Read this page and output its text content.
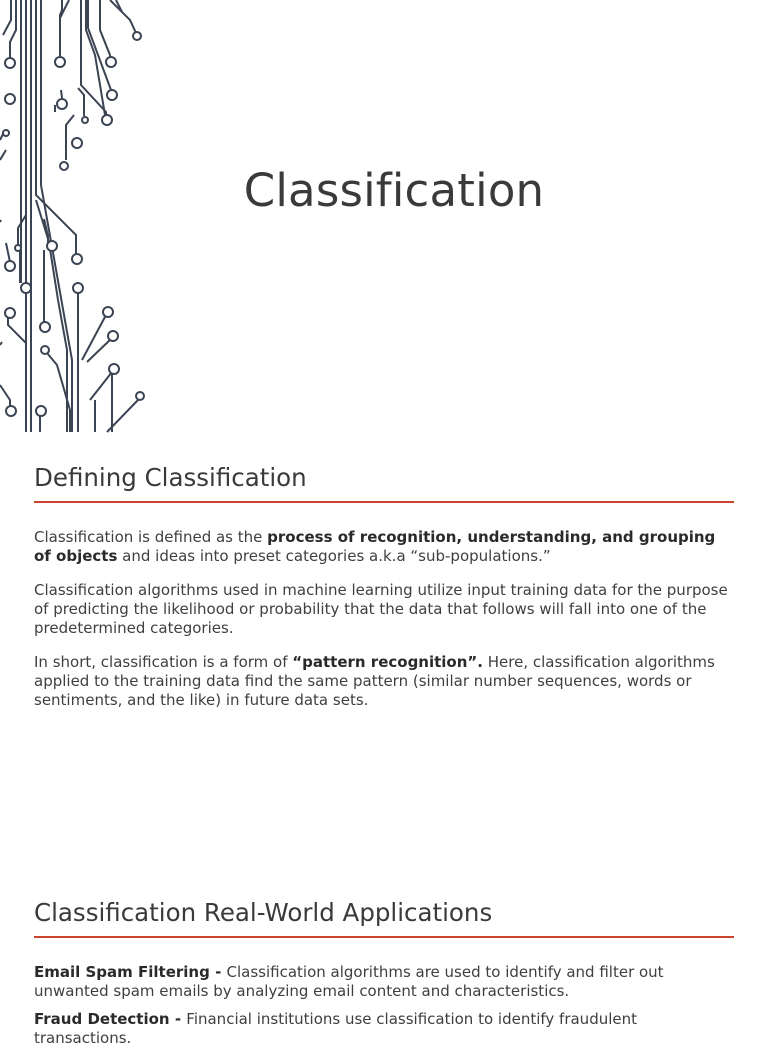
Classification
Defining Classification

Classification is defined as the process of recognition, understanding, and grouping of objects and ideas into preset categories a.k.a “sub-populations.”

Classification algorithms used in machine learning utilize input training data for the purpose of predicting the likelihood or probability that the data that follows will fall into one of the predetermined categories.

In short, classification is a form of “pattern recognition”. Here, classification algorithms applied to the training data find the same pattern (similar number sequences, words or sentiments, and the like) in future data sets.

Classification Real-World Applications

Email Spam Filtering - Classification algorithms are used to identify and filter out unwanted spam emails by analyzing email content and characteristics.

Fraud Detection - Financial institutions use classification to identify fraudulent transactions.
